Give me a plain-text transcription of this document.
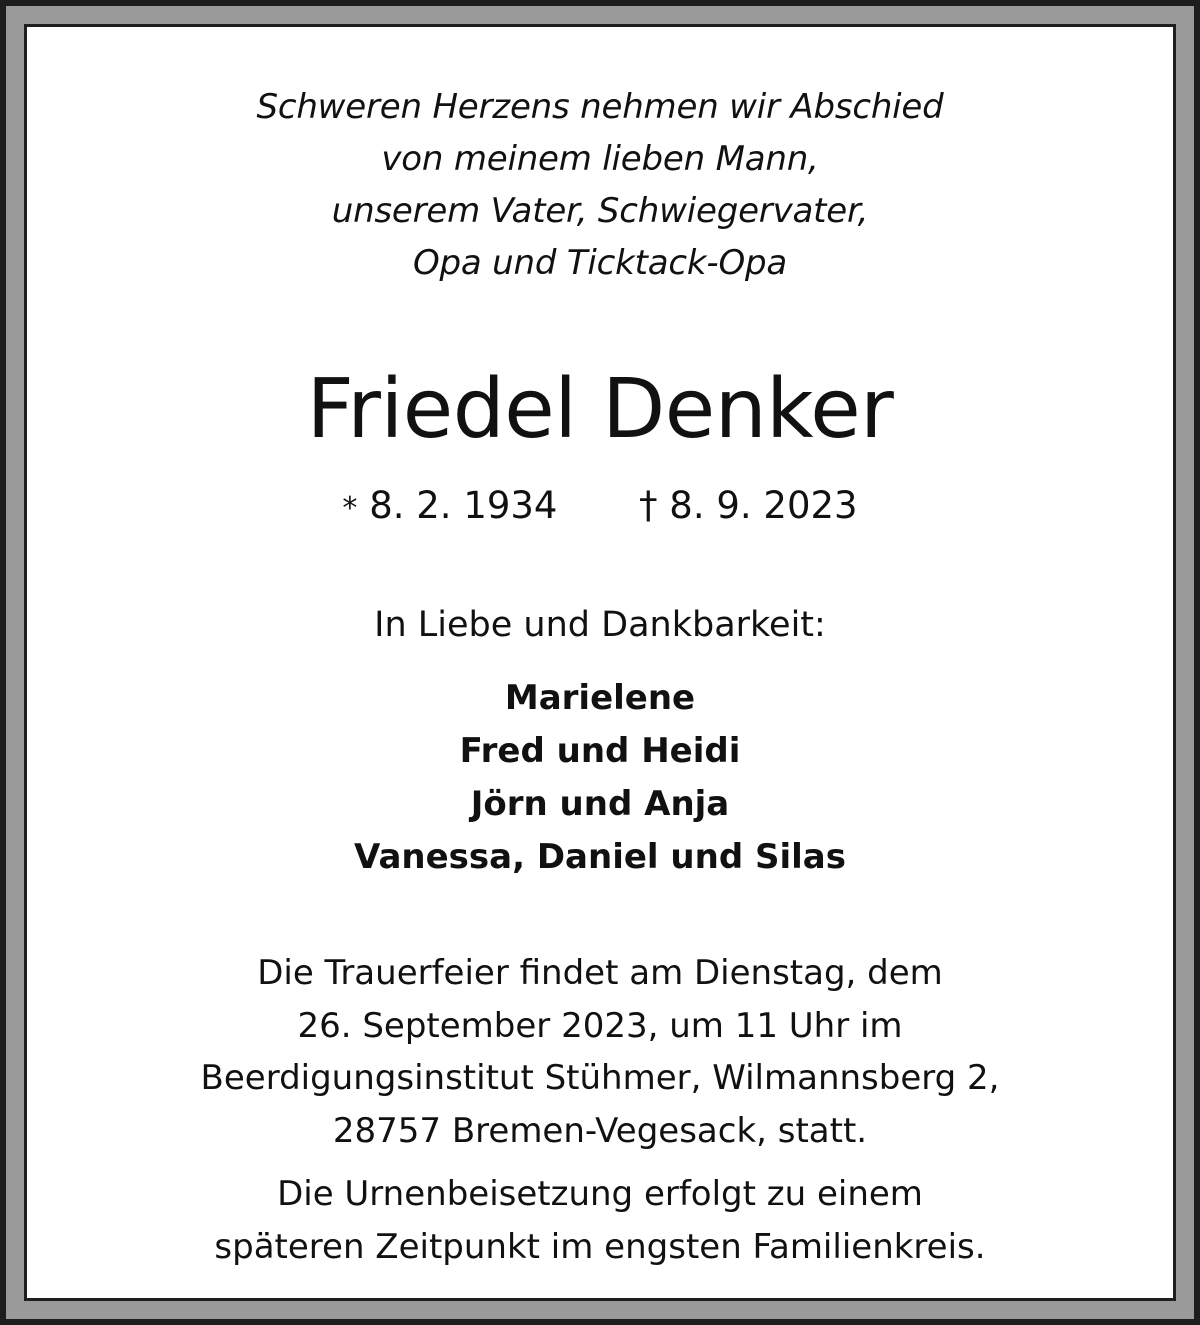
Schweren Herzens nehmen wir Abschied
von meinem lieben Mann,
unserem Vater, Schwiegervater,
Opa und Ticktack-Opa
Friedel Denker
* 8. 2. 1934 † 8. 9. 2023
In Liebe und Dankbarkeit:
Marielene
Fred und Heidi
Jörn und Anja
Vanessa, Daniel und Silas
Die Trauerfeier findet am Dienstag, dem
26. September 2023, um 11 Uhr im
Beerdigungsinstitut Stühmer, Wilmannsberg 2,
28757 Bremen-Vegesack, statt.
Die Urnenbeisetzung erfolgt zu einem
späteren Zeitpunkt im engsten Familienkreis.
